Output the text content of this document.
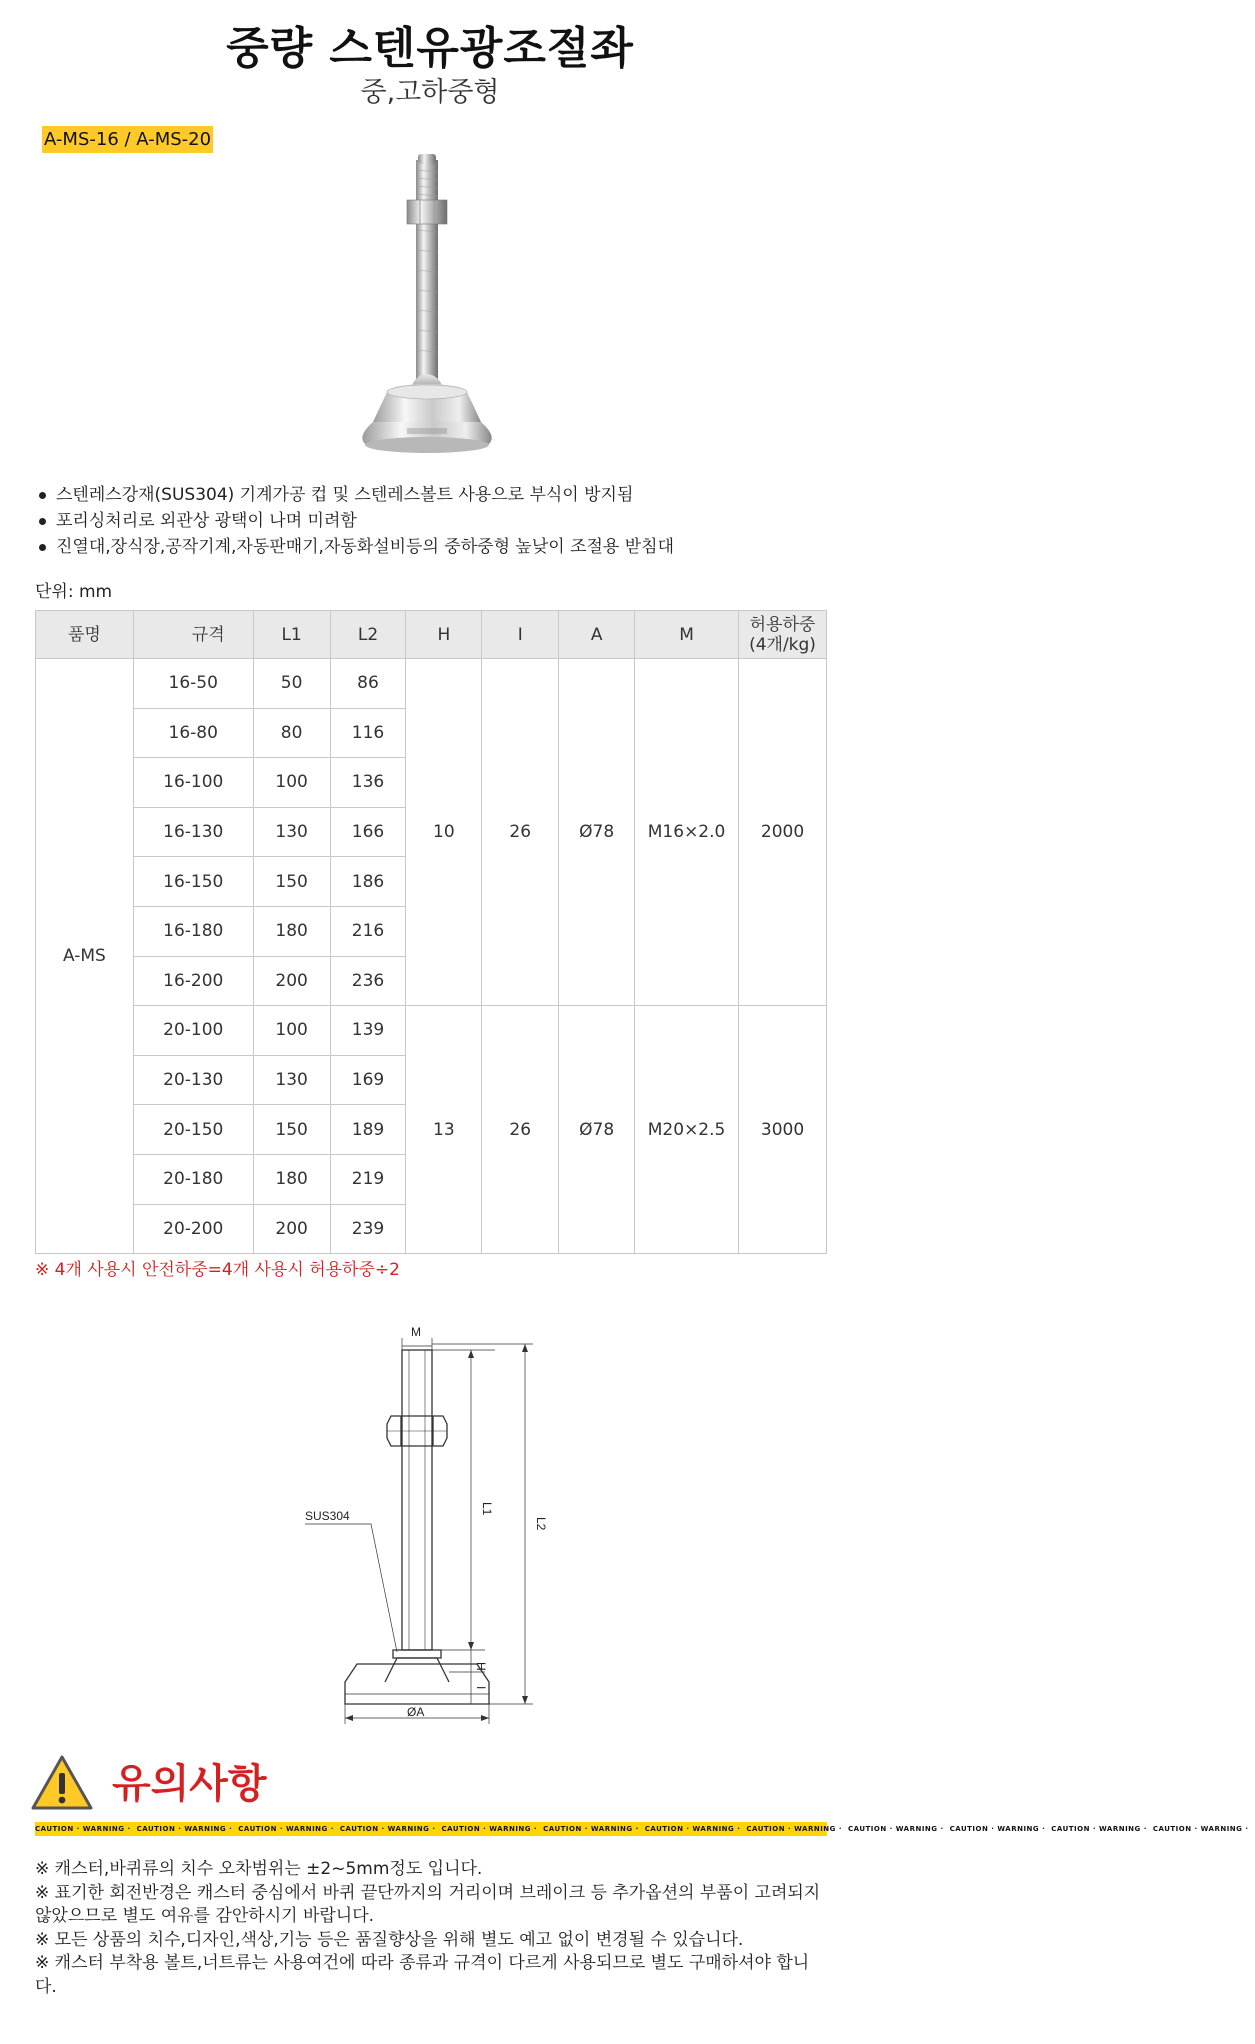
중량 스텐유광조절좌
중,고하중형
A-MS-16 / A-MS-20
스텐레스강재(SUS304) 기계가공 컵 및 스텐레스볼트 사용으로 부식이 방지됨
포리싱처리로 외관상 광택이 나며 미려함
진열대,장식장,공작기계,자동판매기,자동화설비등의 중하중형 높낮이 조절용 받침대
단위: mm
품명	규격	L1	L2	H	I	A	M	허용하중
(4개/kg)
A-MS	16-50	50	86	10	26	Ø78	M16×2.0	2000
	16-80	80	116					
	16-100	100	136					
	16-130	130	166					
	16-150	150	186					
	16-180	180	216					
	16-200	200	236					
	20-100	100	139	13	26	Ø78	M20×2.5	3000
	20-130	130	169					
	20-150	150	189					
	20-180	180	219					
	20-200	200	239					
※ 4개 사용시 안전하중=4개 사용시 허용하중÷2
M
L1
L2
H
I
ØA
SUS304
유의사항
CAUTION · WARNING · CAUTION · WARNING · CAUTION · WARNING · CAUTION · WARNING · CAUTION · WARNING · CAUTION · WARNING · CAUTION · WARNING · CAUTION · WARNING · CAUTION · WARNING · CAUTION · WARNING · CAUTION · WARNING · CAUTION · WARNING ·

※ 캐스터,바퀴류의 치수 오차범위는 ±2~5mm정도 입니다.

※ 표기한 회전반경은 캐스터 중심에서 바퀴 끝단까지의 거리이며 브레이크 등 추가옵션의 부품이 고려되지 않았으므로 별도 여유를 감안하시기 바랍니다.

※ 모든 상품의 치수,디자인,색상,기능 등은 품질향상을 위해 별도 예고 없이 변경될 수 있습니다.

※ 캐스터 부착용 볼트,너트류는 사용여건에 따라 종류과 규격이 다르게 사용되므로 별도 구매하셔야 합니다.
